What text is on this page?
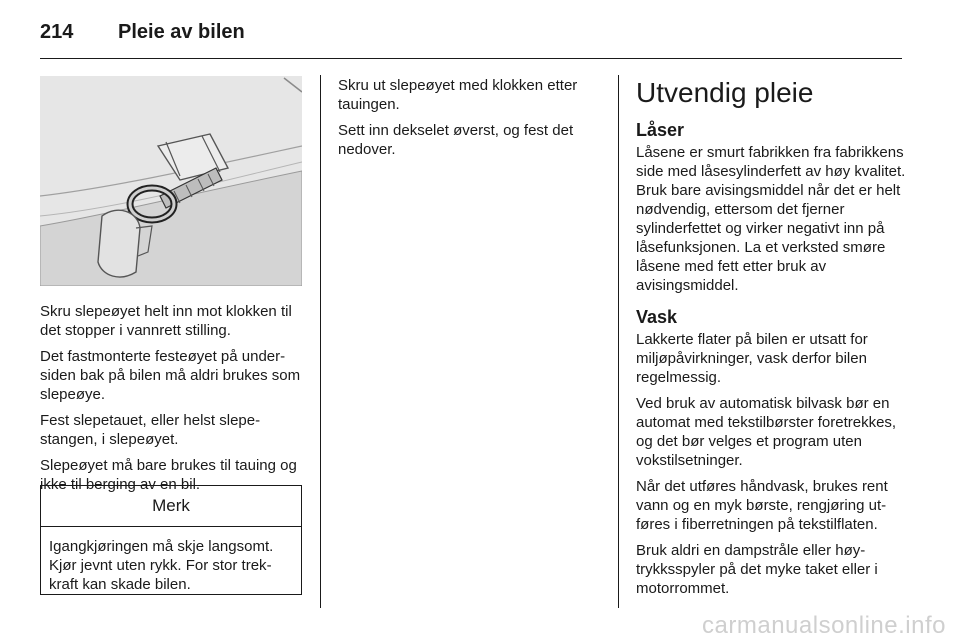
214 Pleie av bilen

Skru slepeøyet helt inn mot klokken til det stopper i vannrett stilling.

Det fastmonterte festeøyet på undersiden bak på bilen må aldri brukes som slepeøye.

Fest slepetauet, eller helst slepestangen, i slepeøyet.

Slepeøyet må bare brukes til tauing og ikke til berging av en bil.

Merk

Igangkjøringen må skje langsomt. Kjør jevnt uten rykk. For stor trekkraft kan skade bilen.

Skru ut slepeøyet med klokken etter tauingen.

Sett inn dekselet øverst, og fest det nedover.

Utvendig pleie
Låser

Låsene er smurt fabrikken fra fabrikkens side med låsesylinderfett av høy kvalitet. Bruk bare avisingsmiddel når det er helt nødvendig, ettersom det fjerner sylinderfettet og virker negativt inn på låsefunksjonen. La et verksted smøre låsene med fett etter bruk av avisingsmiddel.

Vask

Lakkerte flater på bilen er utsatt for miljøpåvirkninger, vask derfor bilen regelmessig.

Ved bruk av automatisk bilvask bør en automat med tekstilbørster foretrekkes, og det bør velges et program uten vokstilsetninger.

Når det utføres håndvask, brukes rent vann og en myk børste, rengjøring utføres i fiberretningen på tekstilflaten.

Bruk aldri en dampstråle eller høytrykksspyler på det myke taket eller i motorrommet.

carmanualsonline.info
